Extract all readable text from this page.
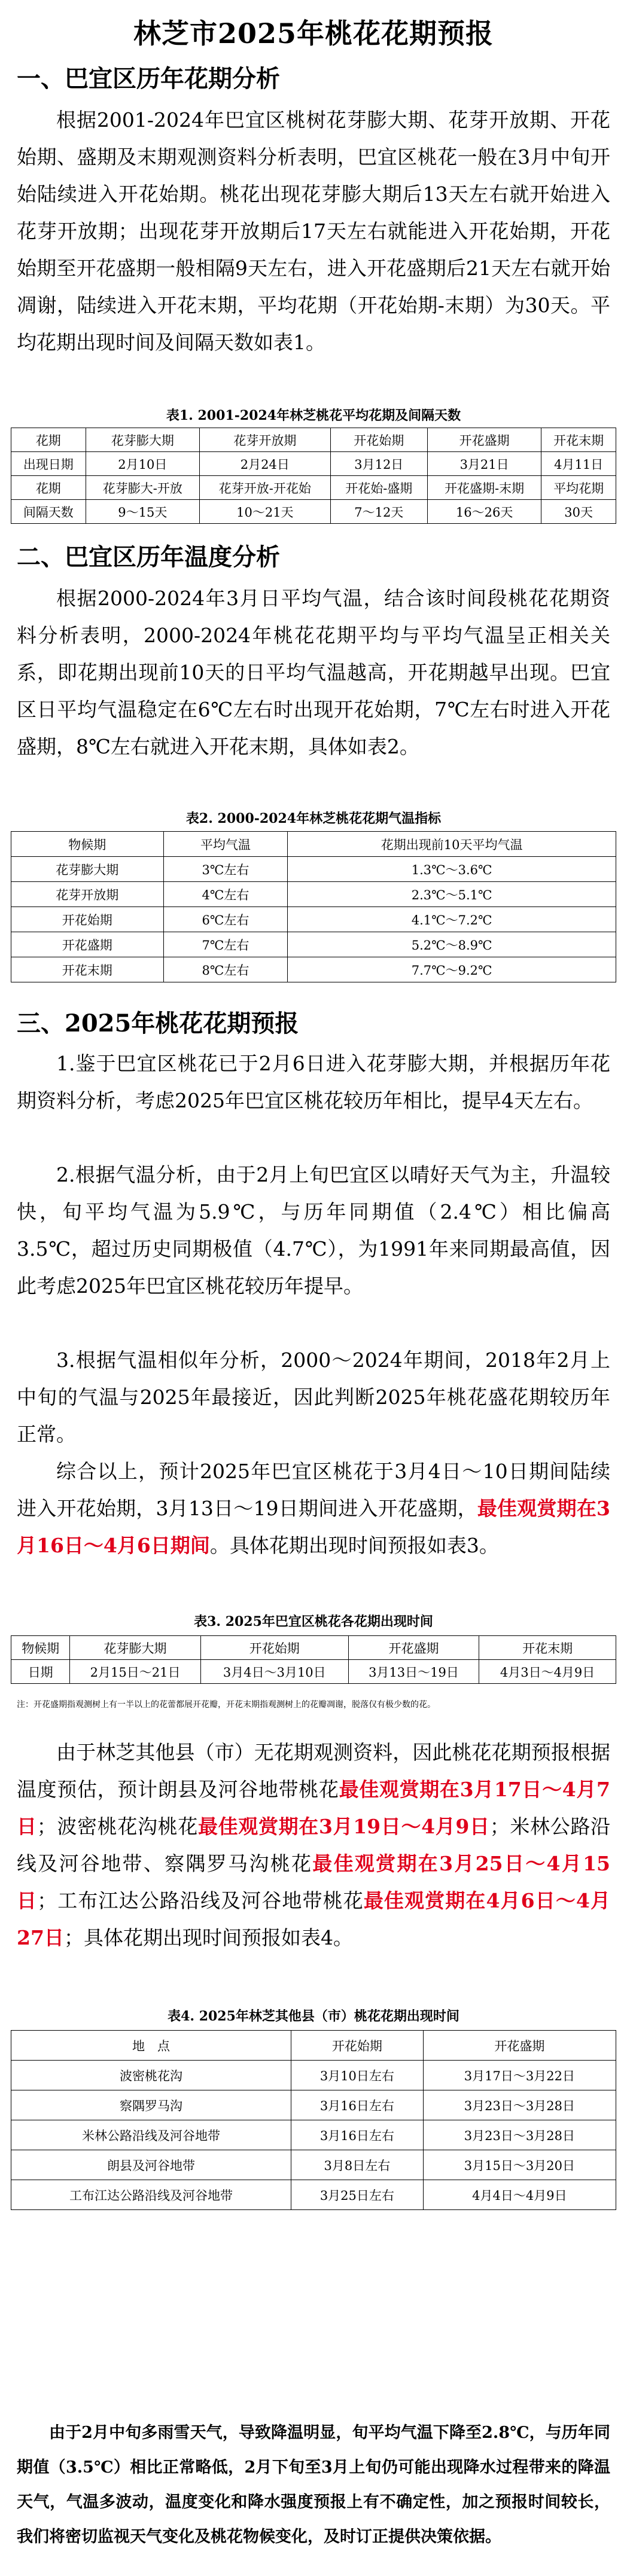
林芝市2025年桃花花期预报
一、巴宜区历年花期分析
根据2001-2024年巴宜区桃树花芽膨大期、花芽开放期、开花始期、盛期及末期观测资料分析表明，巴宜区桃花一般在3月中旬开始陆续进入开花始期。桃花出现花芽膨大期后13天左右就开始进入花芽开放期；出现花芽开放期后17天左右就能进入开花始期，开花始期至开花盛期一般相隔9天左右，进入开花盛期后21天左右就开始凋谢，陆续进入开花末期，平均花期（开花始期-末期）为30天。平均花期出现时间及间隔天数如表1。
表1. 2001-2024年林芝桃花平均花期及间隔天数
花期	花芽膨大期	花芽开放期	开花始期	开花盛期	开花末期
出现日期	2月10日	2月24日	3月12日	3月21日	4月11日
花期	花芽膨大-开放	花芽开放-开花始	开花始-盛期	开花盛期-末期	平均花期
间隔天数	9～15天	10～21天	7～12天	16～26天	30天
二、巴宜区历年温度分析
根据2000-2024年3月日平均气温，结合该时间段桃花花期资料分析表明，2000-2024年桃花花期平均与平均气温呈正相关关系，即花期出现前10天的日平均气温越高，开花期越早出现。巴宜区日平均气温稳定在6℃左右时出现开花始期，7℃左右时进入开花盛期，8℃左右就进入开花末期，具体如表2。
表2. 2000-2024年林芝桃花花期气温指标
物候期	平均气温	花期出现前10天平均气温
花芽膨大期	3℃左右	1.3℃～3.6℃
花芽开放期	4℃左右	2.3℃～5.1℃
开花始期	6℃左右	4.1℃～7.2℃
开花盛期	7℃左右	5.2℃～8.9℃
开花末期	8℃左右	7.7℃～9.2℃
三、2025年桃花花期预报
1.鉴于巴宜区桃花已于2月6日进入花芽膨大期，并根据历年花期资料分析，考虑2025年巴宜区桃花较历年相比，提早4天左右。
2.根据气温分析，由于2月上旬巴宜区以晴好天气为主，升温较快，旬平均气温为5.9℃，与历年同期值（2.4℃）相比偏高3.5℃，超过历史同期极值（4.7℃），为1991年来同期最高值，因此考虑2025年巴宜区桃花较历年提早。
3.根据气温相似年分析，2000～2024年期间，2018年2月上中旬的气温与2025年最接近，因此判断2025年桃花盛花期较历年正常。
综合以上，预计2025年巴宜区桃花于3月4日～10日期间陆续进入开花始期，3月13日～19日期间进入开花盛期，最佳观赏期在3月16日～4月6日期间。具体花期出现时间预报如表3。
表3. 2025年巴宜区桃花各花期出现时间
物候期	花芽膨大期	开花始期	开花盛期	开花末期
日期	2月15日～21日	3月4日～3月10日	3月13日～19日	4月3日～4月9日
注：开花盛期指观测树上有一半以上的花蕾都展开花瓣，开花末期指观测树上的花瓣凋谢，脱落仅有极少数的花。
由于林芝其他县（市）无花期观测资料，因此桃花花期预报根据温度预估，预计朗县及河谷地带桃花最佳观赏期在3月17日～4月7日；波密桃花沟桃花最佳观赏期在3月19日～4月9日；米林公路沿线及河谷地带、察隅罗马沟桃花最佳观赏期在3月25日～4月15日；工布江达公路沿线及河谷地带桃花最佳观赏期在4月6日～4月27日；具体花期出现时间预报如表4。
表4. 2025年林芝其他县（市）桃花花期出现时间
地　点	开花始期	开花盛期
波密桃花沟	3月10日左右	3月17日～3月22日
察隅罗马沟	3月16日左右	3月23日～3月28日
米林公路沿线及河谷地带	3月16日左右	3月23日～3月28日
朗县及河谷地带	3月8日左右	3月15日～3月20日
工布江达公路沿线及河谷地带	3月25日左右	4月4日～4月9日
由于2月中旬多雨雪天气，导致降温明显，旬平均气温下降至2.8℃，与历年同期值（3.5℃）相比正常略低，2月下旬至3月上旬仍可能出现降水过程带来的降温天气，气温多波动，温度变化和降水强度预报上有不确定性，加之预报时间较长，我们将密切监视天气变化及桃花物候变化，及时订正提供决策依据。
